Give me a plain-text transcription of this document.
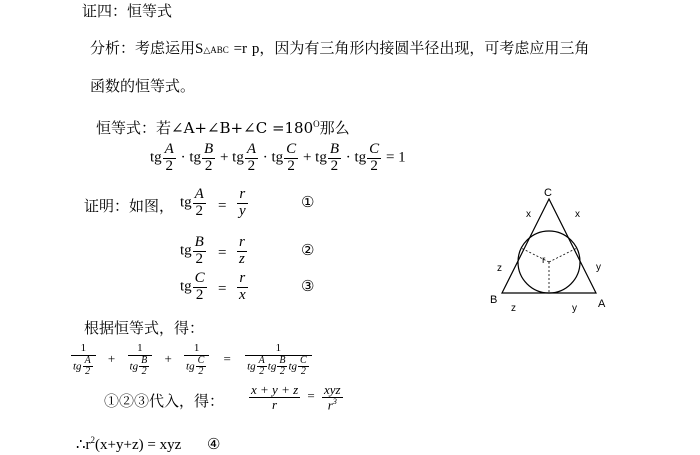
证四：恒等式
分析：考虑运用S△ABC =r p，因为有三角形内接圆半径出现，可考虑应用三角
函数的恒等式。
恒等式：若∠A+∠B+∠C $=180^O$那么
tg $\frac{A}{2}$ · tg $\frac{B}{2}$ + tg $\frac{A}{2}$ · tg $\frac{C}{2}$ + tg $\frac{B}{2}$ · tg $\frac{C}{2} = 1$
证明：如图， tg $\frac{A}{2} = \frac{r}{y}$	①
tg $\frac{B}{2} = \frac{r}{z}$	②
tg $\frac{C}{2} = \frac{r}{x}$	③
根据恒等式，得：
$\frac{1}{tg \frac{A}{2}} + \frac{1}{tg \frac{B}{2}} + \frac{1}{tg \frac{C}{2}} = \frac{1}{tg \frac{A}{2} tg \frac{B}{2} tg \frac{C}{2}}$
①②③代入，得： $\frac{x + y + z}{r} = \frac{\text{xyz}}{r^3}$
$\therefore r^2(x+y+z)$ = xyz ④
C
A
B
r
x	x
z
z
y
y
